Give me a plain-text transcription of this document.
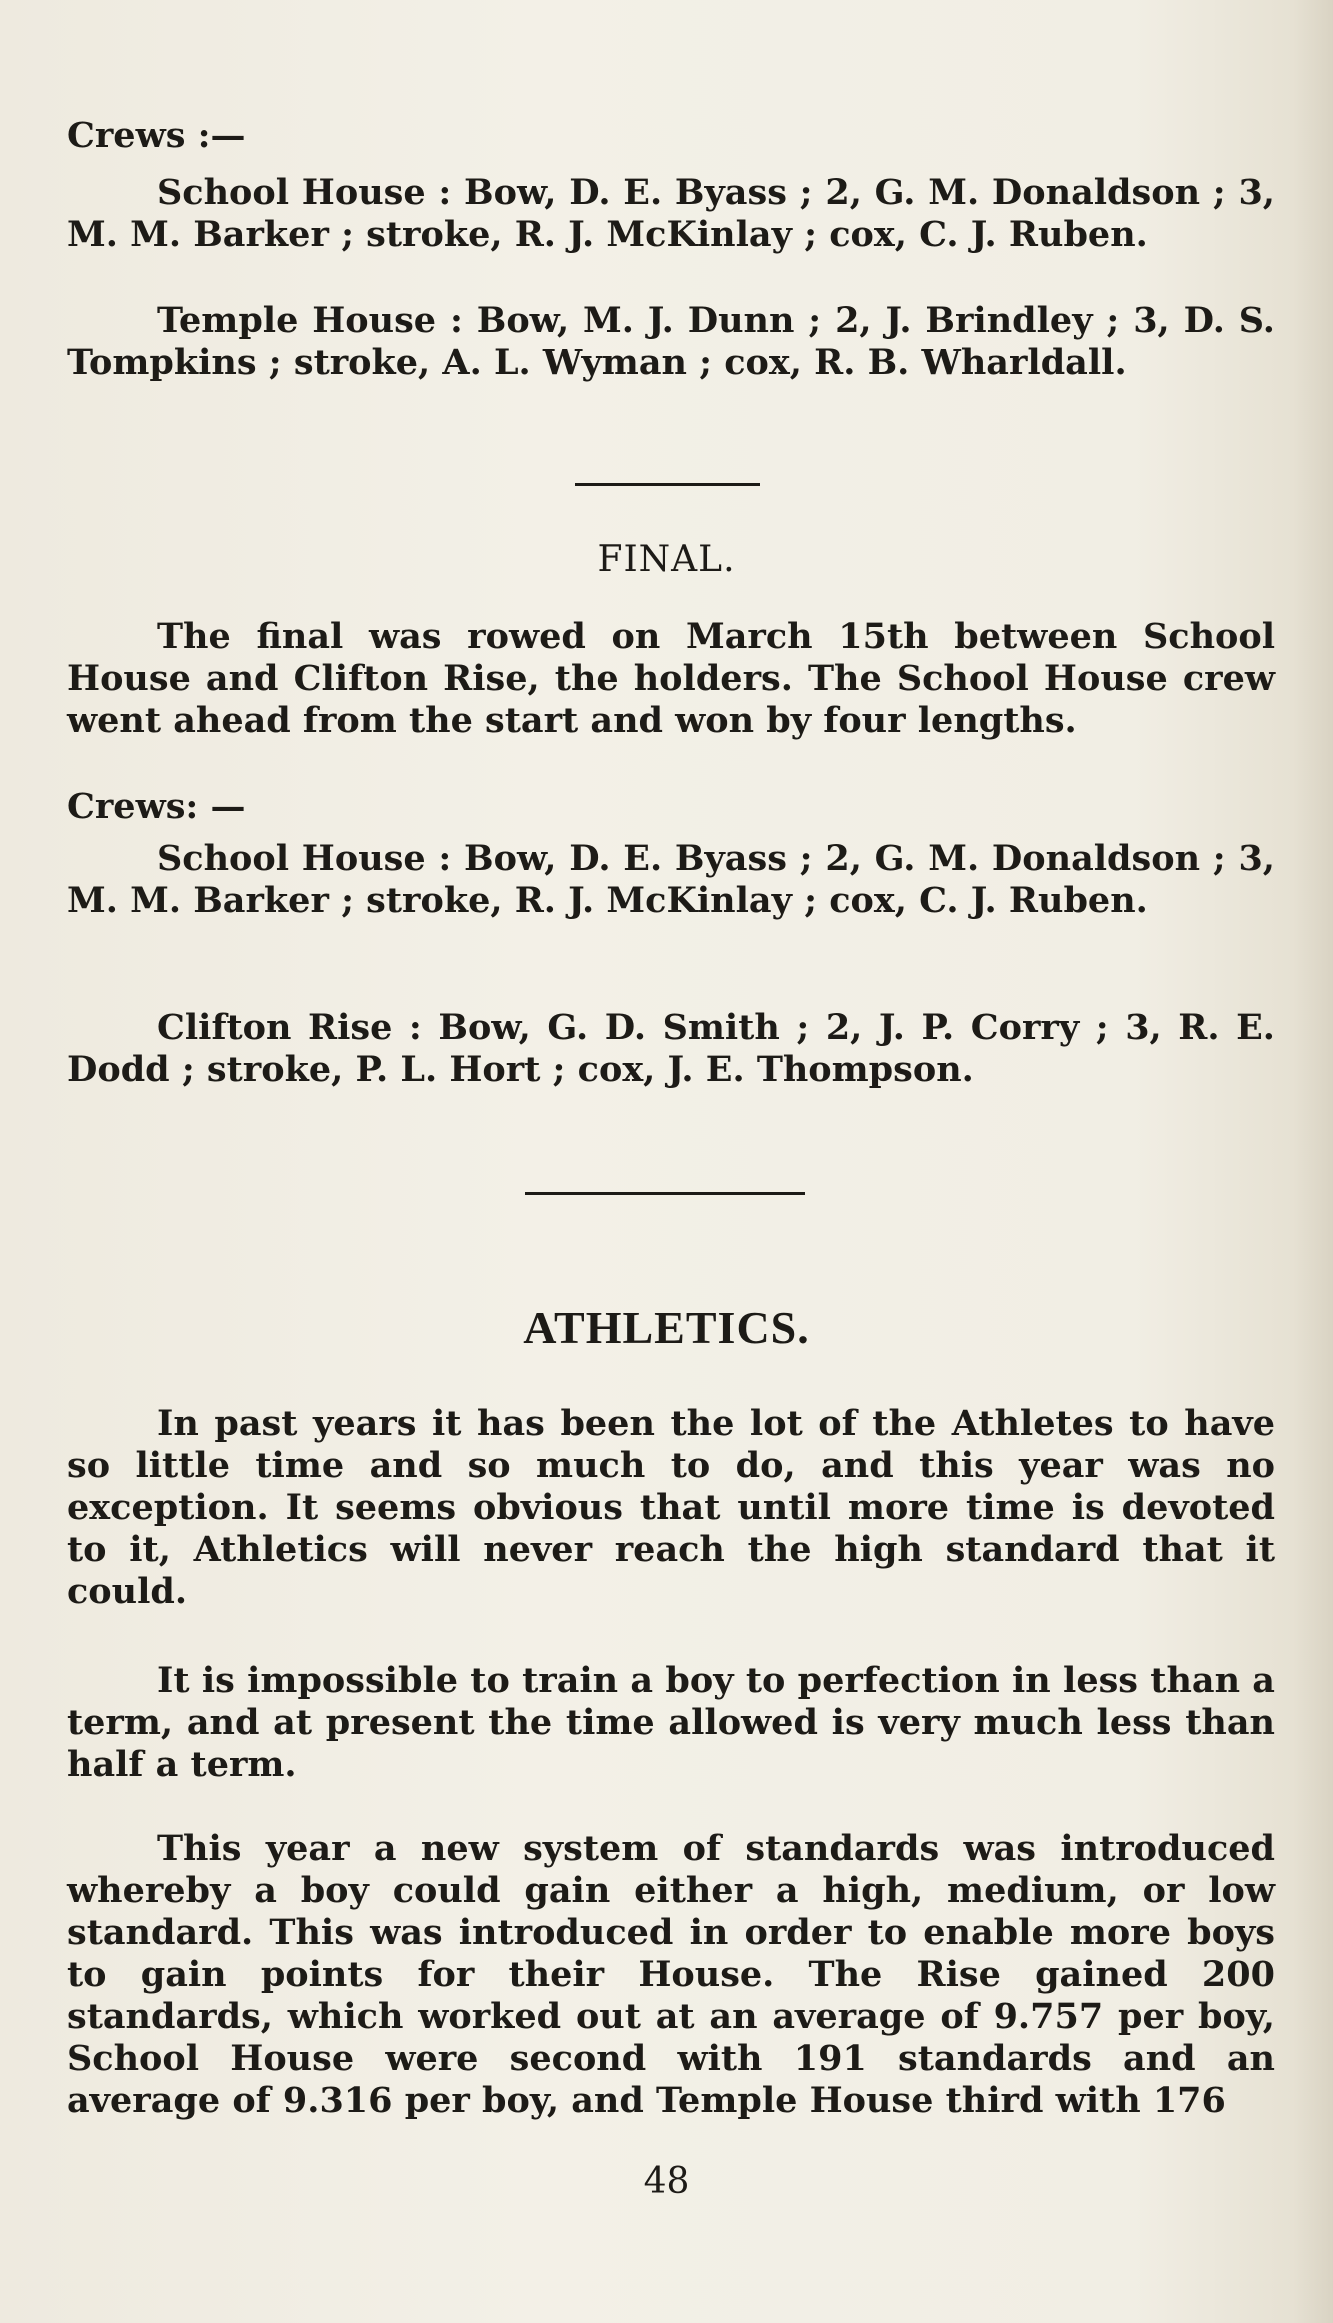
Crews :—

School House : Bow, D. E. Byass ; 2, G. M. Donaldson ; 3, M. M. Barker ; stroke, R. J. McKinlay ; cox, C. J. Ruben.

Temple House : Bow, M. J. Dunn ; 2, J. Brindley ; 3, D. S. Tompkins ; stroke, A. L. Wyman ; cox, R. B. Wharldall.

FINAL.

The final was rowed on March 15th between School House and Clifton Rise, the holders. The School House crew went ahead from the start and won by four lengths.

Crews: —

School House : Bow, D. E. Byass ; 2, G. M. Donaldson ; 3, M. M. Barker ; stroke, R. J. McKinlay ; cox, C. J. Ruben.

Clifton Rise : Bow, G. D. Smith ; 2, J. P. Corry ; 3, R. E. Dodd ; stroke, P. L. Hort ; cox, J. E. Thompson.

ATHLETICS.

In past years it has been the lot of the Athletes to have so little time and so much to do, and this year was no exception. It seems obvious that until more time is devoted to it, Athletics will never reach the high standard that it could.

It is impossible to train a boy to perfection in less than a term, and at present the time allowed is very much less than half a term.

This year a new system of standards was introduced whereby a boy could gain either a high, medium, or low standard. This was introduced in order to enable more boys to gain points for their House. The Rise gained 200 standards, which worked out at an average of 9.757 per boy, School House were second with 191 standards and an average of 9.316 per boy, and Temple House third with 176

48
